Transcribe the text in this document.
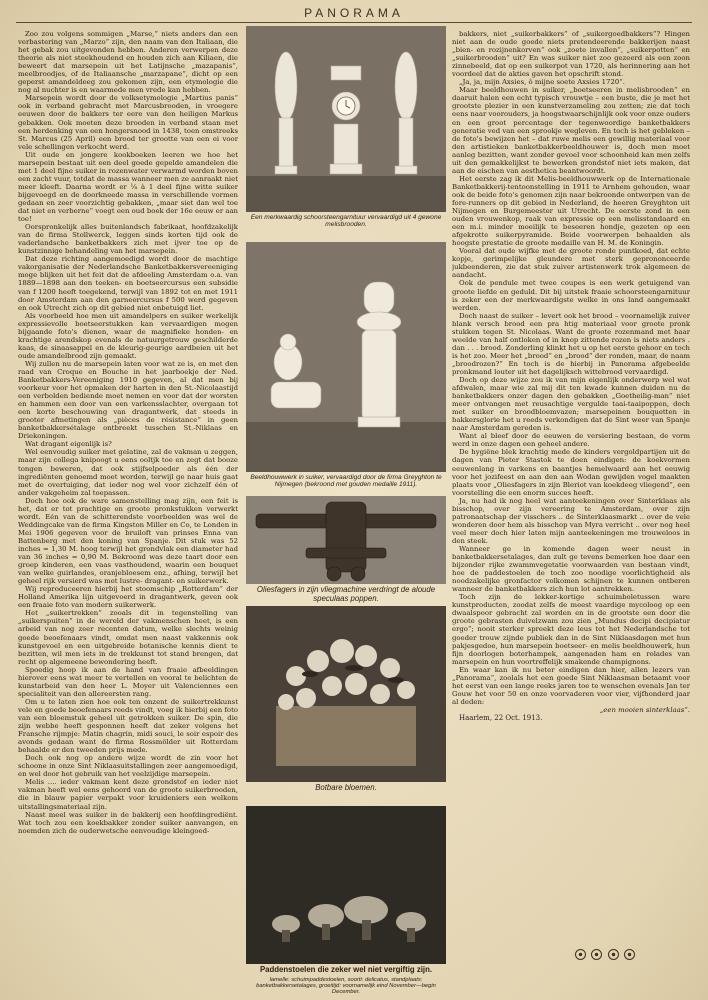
PANORAMA

Zoo zou volgens sommigen „Marse,“ niets anders dan een verbastering van „Marzo“ zijn, den naam van den Italiaan, die het gebak zou uitgevonden hebben. Anderen verwerpen deze theorie als niet steekhoudend en houden zich aan Kiliaen, die beweert dat marsepein uit het Latijnsche „mazapanis“, meelbroodjes, of de Italiaansche „marzapane“, dicht op een geperst amandeldeeg zou gekomen zijn, een etymologie die nog al nuchter is en waarmede men vrede kan hebben.

Marsepein wordt door de volksetymologie „Martius panis“ ook in verband gebracht met Marcusbrooden, in vroegere eeuwen door de bakkers ter eere van den heiligen Markus gebakken. Ook moeten deze brooden in verband staan met een herdenking van een hongersnood in 1438, toen omstreeks St. Marcus (25 April) een brood ter grootte van een ei voor vele schellingen verkocht werd.

Uit oude en jongere kookboeken leeren we hoe het marsepein bestaat uit een deel goede gepelde amandelen die met 1 deel fijne suiker in rozenwater verwarmd worden boven een zacht vuur, totdat de massa wanneer men ze aanraakt niet meer kleeft. Daarna wordt er ¹⁄₈ à 1 deel fijne witte suiker bijgevoegd en de doorkneede massa in verschillende vormen gedaan en zeer voorzichtig gebakken, „maar siet dan wel toe dat niet en verberne“ voegt een oud boek der 16e eeuw er aan toe!

Oorspronkelijk alles buitenlandsch fabrikaat, hoofdzakelijk van de firma Stollwerck, leggen sinds korten tijd ook de vaderlandsche banketbakkers zich met ijver toe op de kunstzinnige behandeling van het marsepein.

Dat deze richting aangemoedigd wordt door de machtige vakorganisatie der Nederlandsche Banketbakkersvereeniging moge blijken uit het feit dat de afdeeling Amsterdam o.a. van 1889—1898 aan den teeken- en boetseercursus een subsidie van f 1200 heeft toegekend, terwijl van 1892 tot en met 1911 door Amsterdam aan den garneercursus f 500 werd gegeven en ook Utrecht zich op dit gebied niet onbetuigd liet.

Als voorbeeld hoe men uit amandelpers en suiker werkelijk expressievolle boetseerstukken kan vervaardigen mogen bijgaande foto's dienen, waar de magnifieke honden- en krachtige arendskop evenals de natuurgetrouw geschilderde kaas, de sinaasappel en de kleurig-geurige aardbeien uit het oude amandelbrood zijn gemaakt.

Wij zullen nu de marsepein laten voor wat ze is, en met den raad van Croque en Bouche in het jaarboekje der Ned. Banketbakkers-Vereeniging 1910 gegeven, al dat men bij voorkeur voor het opmaken der harten in den St.-Nicolaastijd een verbolden bediende moet nemen en voor dat der worsten en hammen een door van een varkensslachter, overgaan tot een korte beschouwing van dragantwerk, dat steeds in grooter afmetingen als „pièces de résistance“ in geen banketbakkersétalage ontbreekt tusschen St.-Niklaas en Driekoningen.

Wat dragant eigenlijk is?

Wel eenvoudig suiker met gelatine, zal de vakman u zeggen, maar zijn collega knipoogt u eens ooltjk toe en zegt dat booze tongen beweren, dat ook stijfselpoeder als één der ingrediënten genoemd moet worden, terwijl ge naar huis gaat met de overtuiging, dat ieder nog wel voor zichzelf één of ander vakgeheim zal toepassen.

Doch hoe ook de ware samenstelling mag zijn, een feit is het, dat er tot prachtige en groote pronkstukken verwerkt wordt. Eén van de schitterendste voorbeelden was wel de Weddingcake van de firma Kingston Miller en Co, te Londen in Mei 1906 gegeven voor de bruiloft van prinses Enna van Battenberg met den koning van Spanje. Dit stuk was 52 inches = 1,30 M. hoog terwijl het grondvlak een diameter had van 36 inches = 0,90 M. Bekroond was deze taart door een groep kinderen, een vaas vasthoudend, waarin een bouquet van welke guirlandes, oranjebloesem enz., afhing, terwijl het geheel rijk versierd was met lustre- dragant- en suikerwerk.

Wij reproduceeren hierbij het stoomschip „Rotterdam“ der Holland Amerika lijn uitgevoerd in dragantwerk, geven ook een fraaie foto van modern suikerwerk.

Het „suikertrekken“ zooals dit in tegenstelling van „suikerspuiten“ in de wereld der vakmenschen heet, is een arbeid van nog zeer recenten datum, welke slechts weinig goede beoefenaars vindt, omdat men naast vakkennis ook kunstgevoel en een uitgebreide botanische kennis dient te bezitten, wil men iets in de trekkunst tot stand brengen, dat recht op algemeene bewondering heeft.

Spoedig hoop ik aan de hand van fraaie afbeeldingen hierover eens wat meer te vertellen en vooral te belichten de kunstarbeid van den heer L. Moyer uit Valenciennes een specialiteit van den allereersten rang.

Om u te laten zien hoe ook ten onzent de suikertrekkunst vele en goede beoefenaars reeds vindt, voeg ik hierbij een foto van een bloemstuk geheel uit getrokken suiker. De spin, die zijn webbe heeft gesponnen heeft dat zeker volgens het Fransche rijmpje: Matin chagrin, midi souci, le soir espoir des avonds gedaan want de firma Rossmölder uit Rotterdam behaalde er den tweeden prijs mede.

Doch ook nog op andere wijze wordt de zin voor het schoone in onze Sint Niklaasuitstallingen zeer aangemoedigd, en wel door het gebruik van het veelzijdige marsepein.

Melis .... ieder vakman kent deze grondstof en ieder niet vakman heeft wel eens gehoord van de groote suikerbrooden, die in blauw papier verpakt voor kruideniers een welkom uitstallingsmateriaal zijn.

Naast meel was suiker in de bakkerij een hoofdingrediënt. Wat toch zou een koekbakker zonder suiker aanvangen, en noemden zich de ouderwetsche eenvoudige kleingoed-

Een merkwaardig schoorsteengarnituur vervaardigd uit 4 gewone melisbrooden.
Beeldhouwwerk in suiker, vervaardigd door de firma Greyghton te Nijmegen (bekroond met gouden medaille 1911).
Oliesfagers in zijn vliegmachine verdringt de aloude speculaas poppen.
Botbare bloemen.
Paddenstoelen die zeker wel niet vergiftig zijn.
lamelle: schuimpaddestoelen, soorti: delicatus, standplaats: banketbakkersetalages, groeitijd: voornamelijk eind November—begin December.

bakkers, niet „suikerbakkers“ of „suikergoedbakkers“? Hingen niet aan de oude goede niets pretendeerende bakkerijen naast „bien- en rozijnenkorven“ ook „zoete invallen“, „suikerpotten“ en „suikerbrooden“ uit? En was suiker niet zoo gezeerd als een zoon zinnebeeld, dat op een suikerpot van 1720, als herinnering aan het voordeel dat de akties gaven het opschrift stond.

„Ja, ja, mijn Axsies, ô mijne soete Axsies 1720“.

Maar beeldhouwen in suiker, „boetseeren in melisbrooden“ en daaruit halen een echt typisch vrouwtje – een buste, die je met het grootste plezier in een kunstverzameling zou zetten; zie dat toch eens naar voorouders, ja hoogstwaarschijnlijk ook voor onze ouders en een groot percentage der tegenwoordige banketbakkers generatie ved van een sprookje wegleven. En toch is het gebleken – de foto's bewijzen het – dat ruwe melis een gewillig materiaal voor den artistieken banketbakkerbeeldhouwer is, doch men moet aanleg bezitten, want zonder gevoel voor schoonheid kan men zelfs uit den gemakkelijkst te bewerken grondstof niet iets maken, dat aan de eischen van aesthetica beantwoordt.

Het eerste zag ik dit Melis-beeldhouwwerk op de Internationale Banketbakkerij-tentoonstelling in 1911 te Arnhem gehouden, waar ook de beide foto's genomen zijn naar bekroonde ontwerpen van de fore-runners op dit gebied in Nederland, de heeren Greyghton uit Nijmegen en Burgemeester uit Utrecht. De eerste zond in een ouden vrouwenkop, raak van expressie op een melisstandaard en een m.i. minder moeilijk te beseeren hondje, gezeten op een afgekrotte suikerpyramide. Beide voorwerpen behaalden als hoogste prestatie de groote medaille van H. M. de Koningin.

Vooral dat oude wijfke met de groote ronde puntkoed, dat echte kopje, gerimpelijke gleundere met sterk geprononceerde jukbeenderen, zie dat stuk zuiver artistenwerk trok algemeen de aandacht.

Ook de pendule met twee coupes is een werk getuigend van groote liefde en geduld. Dit bij uitstek fraaie schoorsteengarnituur is zeker een der merkwaardigste welke in ons land aangemaakt werden.

Doch naast de suiker – levert ook het brood – voornamelijk zuiver blank versch brood een pra htig materiaal voor groote pronk stukken tegen St. Nicolaas. Want de groote rozenmand met haar weelde van half ontloken of in knop zittende rozen is niets anders . dan . . . brood. Zonderling klinkt het u op het eerste gehoor en toch is het zoo. Meer het „brood“ en „brood“ der ronden, maar, de naam „broodrozen?“ En toch is de hierbij in Panorama afgebeelde pronkmand louter uit het dagelijksch wittebrood vervaardigd.

Doch op deze wijze zou ik van mijn eigenlijk onderwerp wel wat afdwalen, maar wie zal mij dit ten kwade kunnen duiden nu de banketbakkers onzer dagen den gebakken „Goetheilig-man“ niet meer ontvangen met reusachtige vergulde taai-taaipoppen, doch met suiker en broodbloemvazen; marsepeinen bouquetten in bakkersglorie het u reeds verkondigen dat de Sint weer van Spanje naar Amsterdam gereden is.

Want al bleef door de eeuwen de versiering bestaan, de vorm werd in onze dagen een geheel andere.

De hygiëne blek krachtig mede de kinders vergoldpartijen uit de dagen van Pieter Stastok te doen eindigen: de koekvormen eeuwenlang in varkens en baantjes hemelwaard aan het eeuwig voor het jozifeest en aan den aan Wodan gewijden vogel maakten plaats voor „Oliesfagers in zijn Bleriot van koekdeeg vliegend“, een voorstelling die een enorm succes heeft.

Ja, nu had ik nog heel wat aanteekeningen over Sinterklaas als bisschop, over zijn vereering te Amsterdam, over zijn patronaatschap der visschers .. de Sinterklaasmarkt .. over de vele wonderen door hem als bisschop van Myra verricht .. over nog heel veel meer doch hier laten mijn aanteekeningen me trouweloos in den steek.

Wanneer ge in komende dagen weer neust in banketbakkersetalages, dan zult ge tevens bemerken hoe daar een bijzonder rijke zwammvegetatie voorwaarden van bestaan vindt, hoe de paddestoelen de toch zoo noodige voorlichtigheid als noodzakelijke gronfactor volkomen schijnen te kunnen ontberen wanneer de banketbakkers zich hun lot aantrekken.

Toch zijn de lekker-kortige schuimboletussen ware kunstproducten, zoodat zelfs de meest vaardige mycoloog op een dwaalspoor gebracht zal worden en in de grootste een door die groote gebrasten duivelzwam zou zien „Mundus decipi decipiatur ergo“; nooit sterker spreekt deze leus tot het Nederlandsche tot goeder trouw zijnde publiek dan in de Sint Niklaasdagen met hun pakjesgedoe, hun marsepein boetseer- en melis beeldhouwerk, hun fijn doorlogen boterhampek, aangenaden ham en rolades van marsepein en hun voortreffelijk smakende champignons.

En waar kan ik nu beter eindigen dan hier, allen lezers van „Panorama“, zoolals het een goede Sint Niklaasman betaamt voor het eerst van een lange reeks jaren toe te wenschen evenals Jan ter Gouw het voor 50 en onze voorvaderen voor vier, vijfhonderd jaar al deden:

„een mooien sinterklaas“.

Haarlem, 22 Oct. 1913.
